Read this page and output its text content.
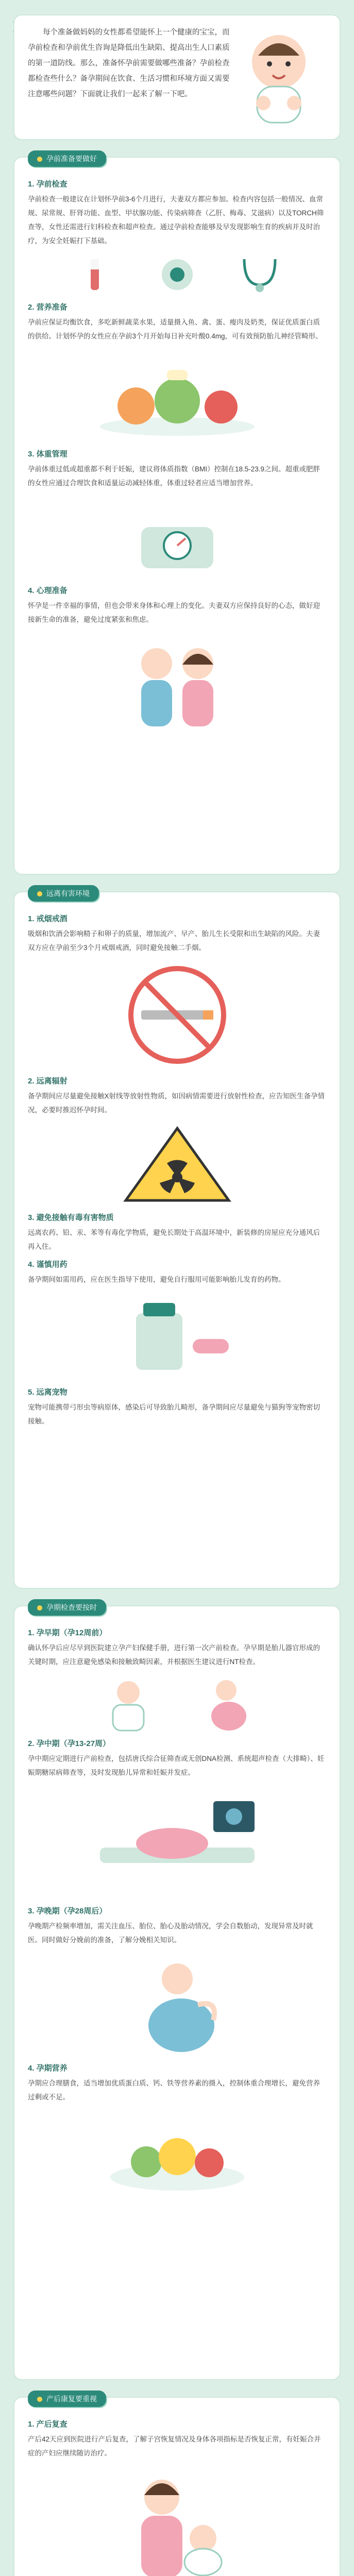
每个准备做妈妈的女性都希望能怀上一个健康的宝宝，而孕前检查和孕前优生咨询是降低出生缺陷、提高出生人口素质的第一道防线。那么，准备怀孕前需要做哪些准备？孕前检查都检查些什么？备孕期间在饮食、生活习惯和环境方面又需要注意哪些问题？下面就让我们一起来了解一下吧。

孕前准备要做好
1. 孕前检查

孕前检查一般建议在计划怀孕前3-6个月进行，夫妻双方都应参加。检查内容包括一般情况、血常规、尿常规、肝肾功能、血型、甲状腺功能、传染病筛查（乙肝、梅毒、艾滋病）以及TORCH筛查等，女性还需进行妇科检查和超声检查。通过孕前检查能够及早发现影响生育的疾病并及时治疗，为安全妊娠打下基础。

2. 营养准备

孕前应保证均衡饮食，多吃新鲜蔬菜水果，适量摄入鱼、禽、蛋、瘦肉及奶类，保证优质蛋白质的供给。计划怀孕的女性应在孕前3个月开始每日补充叶酸0.4mg，可有效预防胎儿神经管畸形。

3. 体重管理

孕前体重过低或超重都不利于妊娠，建议将体质指数（BMI）控制在18.5-23.9之间。超重或肥胖的女性应通过合理饮食和适量运动减轻体重，体重过轻者应适当增加营养。

4. 心理准备

怀孕是一件幸福的事情，但也会带来身体和心理上的变化。夫妻双方应保持良好的心态，做好迎接新生命的准备，避免过度紧张和焦虑。

远离有害环境
1. 戒烟戒酒

吸烟和饮酒会影响精子和卵子的质量，增加流产、早产、胎儿生长受限和出生缺陷的风险。夫妻双方应在孕前至少3个月戒烟戒酒，同时避免接触二手烟。

2. 远离辐射

备孕期间应尽量避免接触X射线等放射性物质，如因病情需要进行放射性检查，应告知医生备孕情况，必要时推迟怀孕时间。

3. 避免接触有毒有害物质

远离农药、铅、汞、苯等有毒化学物质，避免长期处于高温环境中，新装修的房屋应充分通风后再入住。

4. 谨慎用药

备孕期间如需用药，应在医生指导下使用，避免自行服用可能影响胎儿发育的药物。

5. 远离宠物

宠物可能携带弓形虫等病原体，感染后可导致胎儿畸形，备孕期间应尽量避免与猫狗等宠物密切接触。

孕期检查要按时
1. 孕早期（孕12周前）

确认怀孕后应尽早到医院建立孕产妇保健手册，进行第一次产前检查。孕早期是胎儿器官形成的关键时期，应注意避免感染和接触致畸因素，并根据医生建议进行NT检查。

2. 孕中期（孕13-27周）

孕中期应定期进行产前检查，包括唐氏综合征筛查或无创DNA检测、系统超声检查（大排畸）、妊娠期糖尿病筛查等，及时发现胎儿异常和妊娠并发症。

3. 孕晚期（孕28周后）

孕晚期产检频率增加，需关注血压、胎位、胎心及胎动情况，学会自数胎动，发现异常及时就医。同时做好分娩前的准备，了解分娩相关知识。

4. 孕期营养

孕期应合理膳食，适当增加优质蛋白质、钙、铁等营养素的摄入，控制体重合理增长，避免营养过剩或不足。

产后康复要重视
1. 产后复查

产后42天应到医院进行产后复查，了解子宫恢复情况及身体各项指标是否恢复正常，有妊娠合并症的产妇应继续随访治疗。
